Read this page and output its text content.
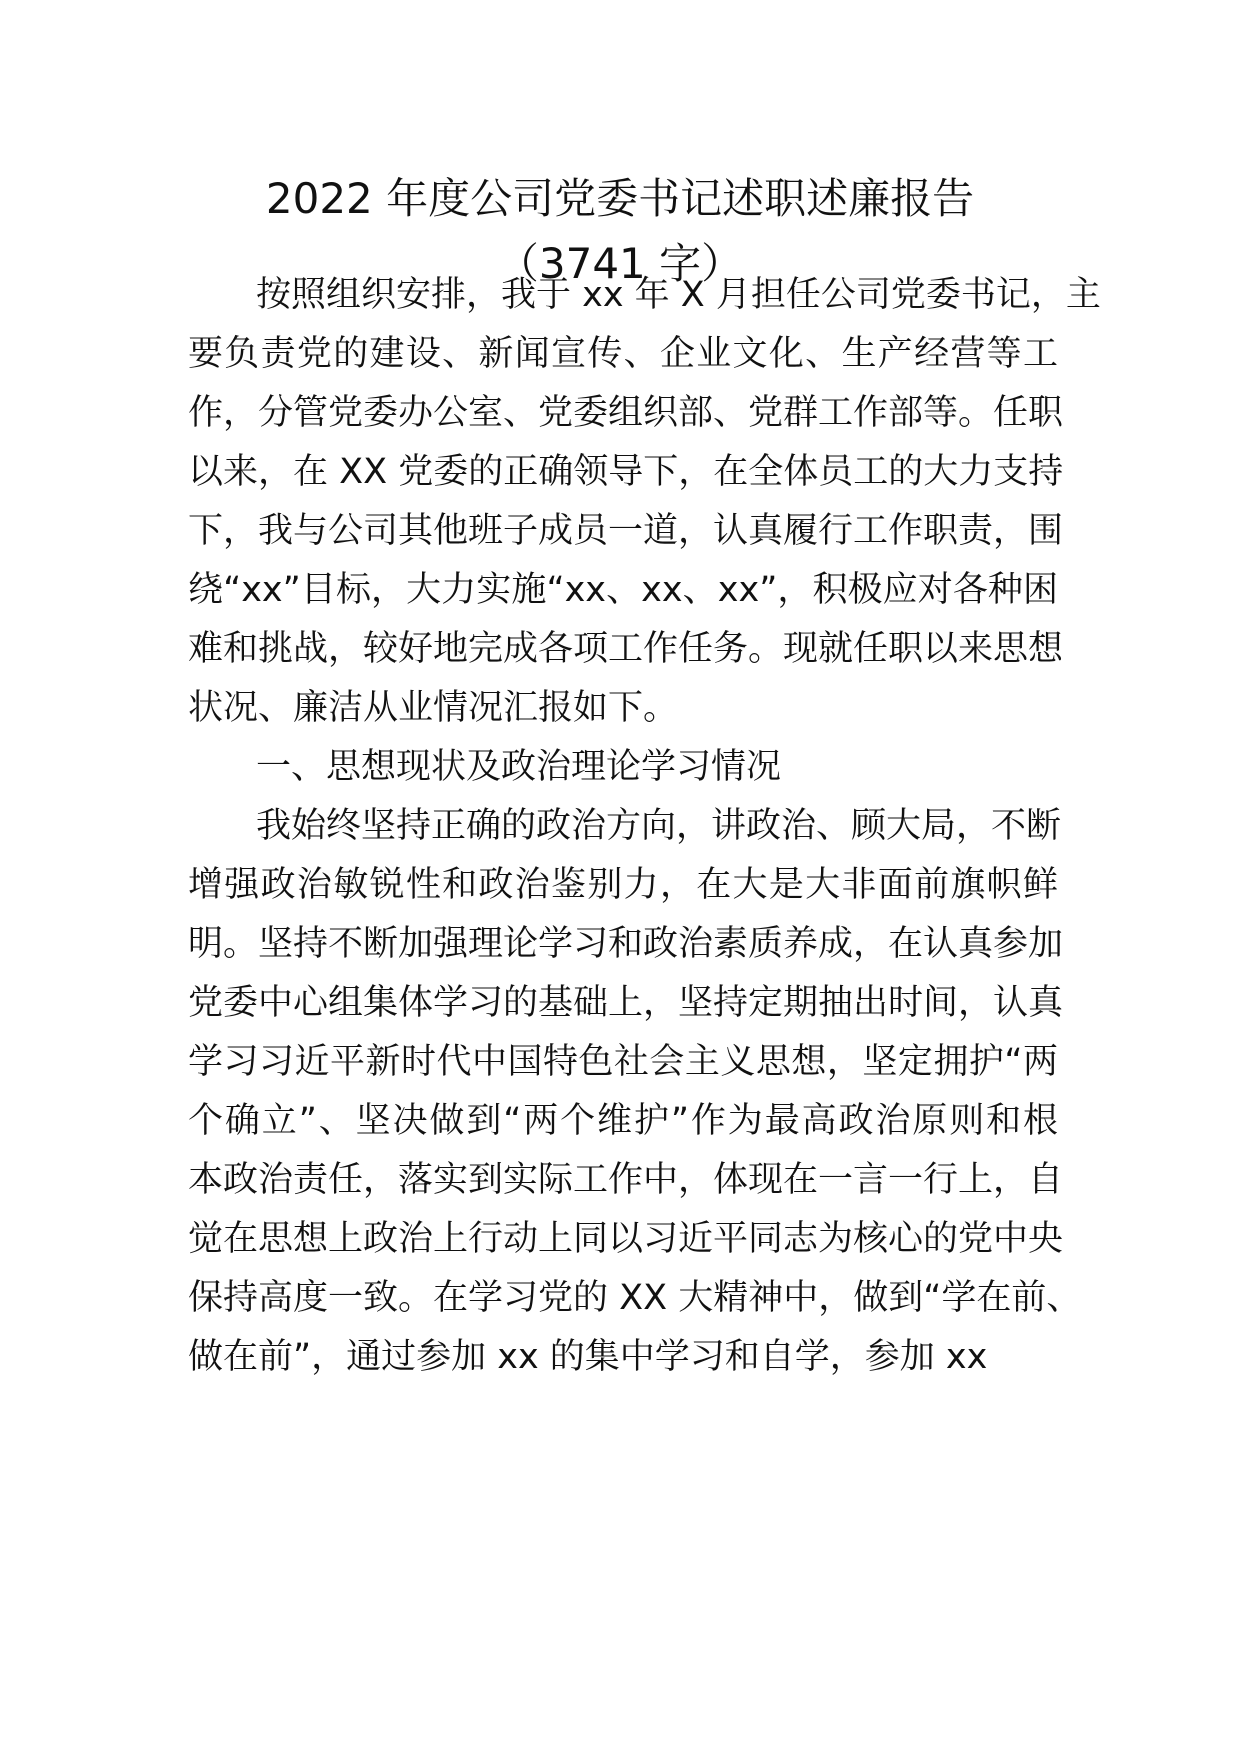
2022 年度公司党委书记述职述廉报告
（3741 字）
按照组织安排，我于 xx 年 X 月担任公司党委书记，主
要负责党的建设、新闻宣传、企业文化、生产经营等工
作，分管党委办公室、党委组织部、党群工作部等。任职
以来，在 XX 党委的正确领导下，在全体员工的大力支持
下，我与公司其他班子成员一道，认真履行工作职责，围
绕“xx”目标，大力实施“xx、xx、xx”，积极应对各种困
难和挑战，较好地完成各项工作任务。现就任职以来思想
状况、廉洁从业情况汇报如下。
一、思想现状及政治理论学习情况
我始终坚持正确的政治方向，讲政治、顾大局，不断
增强政治敏锐性和政治鉴别力，在大是大非面前旗帜鲜
明。坚持不断加强理论学习和政治素质养成，在认真参加
党委中心组集体学习的基础上，坚持定期抽出时间，认真
学习习近平新时代中国特色社会主义思想，坚定拥护“两
个确立”、坚决做到“两个维护”作为最高政治原则和根
本政治责任，落实到实际工作中，体现在一言一行上，自
觉在思想上政治上行动上同以习近平同志为核心的党中央
保持高度一致。在学习党的 XX 大精神中，做到“学在前、
做在前”，通过参加 xx 的集中学习和自学，参加 xx
